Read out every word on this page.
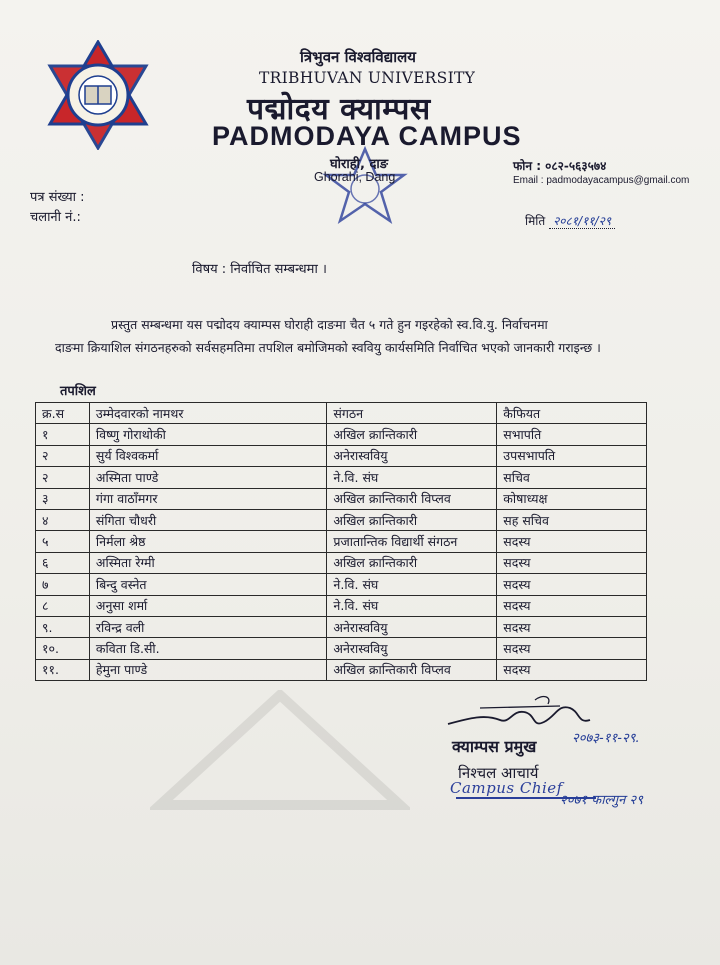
त्रिभुवन विश्वविद्यालय
TRIBHUVAN UNIVERSITY
पद्मोदय क्याम्पस
PADMODAYA CAMPUS
घोराही, दाङ
Ghorahi, Dang
फोन : ०८२-५६३५७४
Email : padmodayacampus@gmail.com
पत्र संख्या :
चलानी नं.:	मिति २०८१/११/२९
विषय : निर्वाचित सम्बन्धमा ।
प्रस्तुत सम्बन्धमा यस पद्मोदय क्याम्पस घोराही दाङमा चैत ५ गते हुन गइरहेको स्व.वि.यु. निर्वाचनमा
दाङमा क्रियाशिल संगठनहरुको सर्वसहमतिमा तपशिल बमोजिमको स्ववियु कार्यसमिति निर्वाचित भएको जानकारी गराइन्छ ।
तपशिल
क्र.स	उम्मेदवारको नामथर	संगठन	कैफियत
१	विष्णु गोराथोकी	अखिल क्रान्तिकारी	सभापति
२	सुर्य विश्वकर्मा	अनेरास्ववियु	उपसभापति
२	अस्मिता पाण्डे	ने.वि. संघ	सचिव
३	गंगा वाठाँमगर	अखिल क्रान्तिकारी विप्लव	कोषाध्यक्ष
४	संगिता चौधरी	अखिल क्रान्तिकारी	सह सचिव
५	निर्मला श्रेष्ठ	प्रजातान्तिक विद्यार्थी संगठन	सदस्य
६	अस्मिता रेग्मी	अखिल क्रान्तिकारी	सदस्य
७	बिन्दु वस्नेत	ने.वि. संघ	सदस्य
८	अनुसा शर्मा	ने.वि. संघ	सदस्य
९.	रविन्द्र वली	अनेरास्ववियु	सदस्य
१०.	कविता डि.सी.	अनेरास्ववियु	सदस्य
११.	हेमुना पाण्डे	अखिल क्रान्तिकारी विप्लव	सदस्य
क्याम्पस प्रमुख	२०७३-११-२९.
निश्चल आचार्य
Campus Chief
२०७१ फाल्गुन २९
